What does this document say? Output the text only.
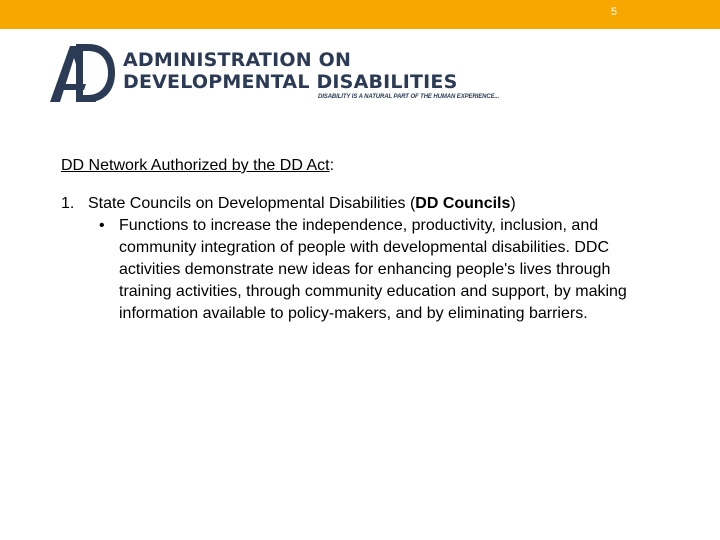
5
ADMINISTRATION ON
DEVELOPMENTAL DISABILITIES
DISABILITY IS A NATURAL PART OF THE HUMAN EXPERIENCE...

DD Network Authorized by the DD Act:

1. State Councils on Developmental Disabilities (DD Councils)
• Functions to increase the independence, productivity, inclusion, and community integration of people with developmental disabilities. DDC activities demonstrate new ideas for enhancing people's lives through training activities, through community education and support, by making information available to policy-makers, and by eliminating barriers.
